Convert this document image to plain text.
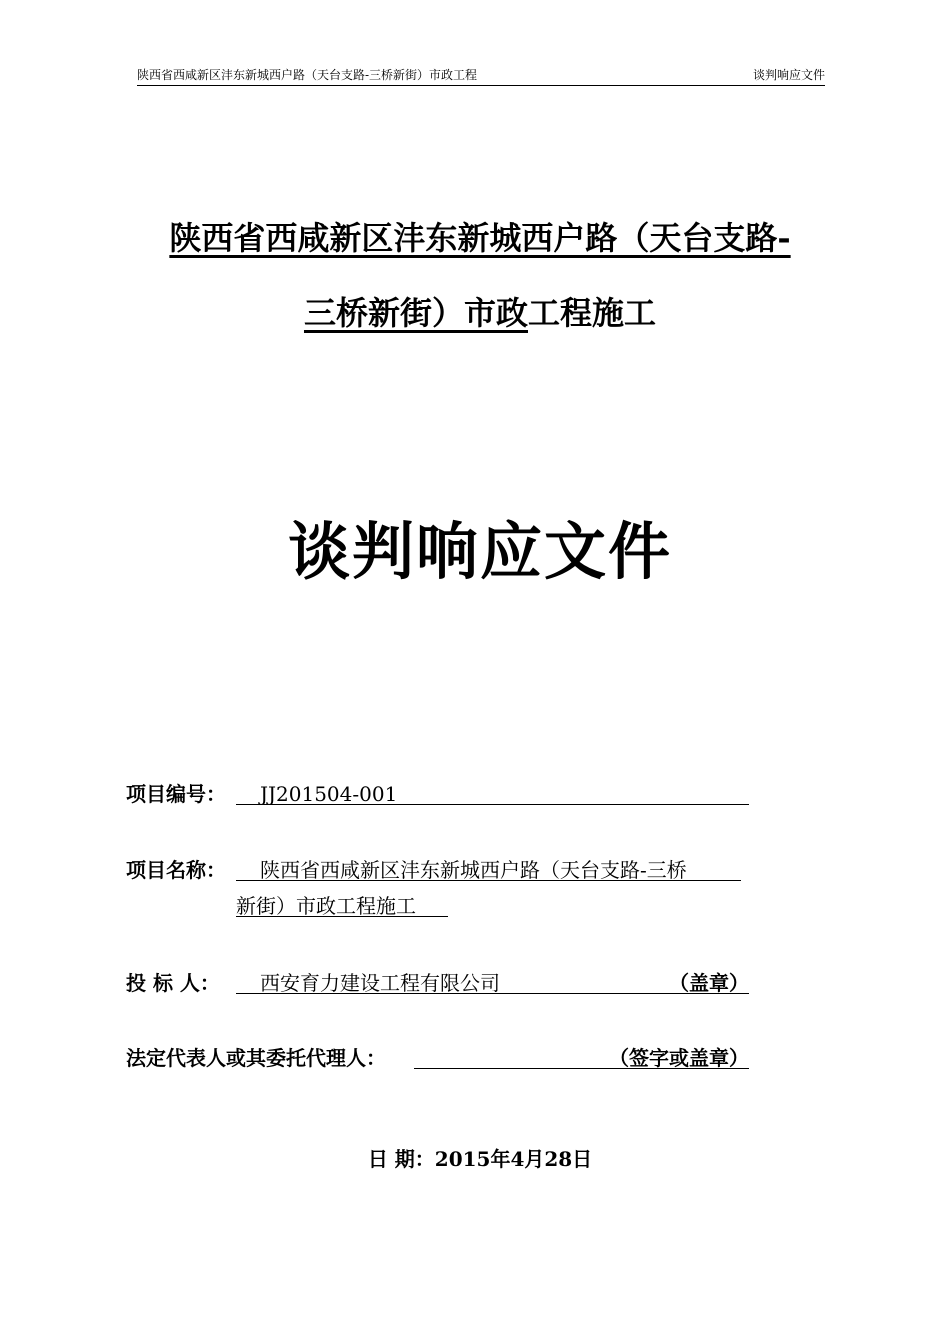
陕西省西咸新区沣东新城西户路（天台支路-三桥新街）市政工程	谈判响应文件
陕西省西咸新区沣东新城西户路（天台支路-
三桥新街）市政工程施工
谈判响应文件
项目编号： JJ201504-001
项目名称： 陕西省西咸新区沣东新城西户路（天台支路-三桥
新街）市政工程施工
投 标 人： 西安育力建设工程有限公司	（盖章）
法定代表人或其委托代理人：	（签字或盖章）
日 期：2015年4月28日
